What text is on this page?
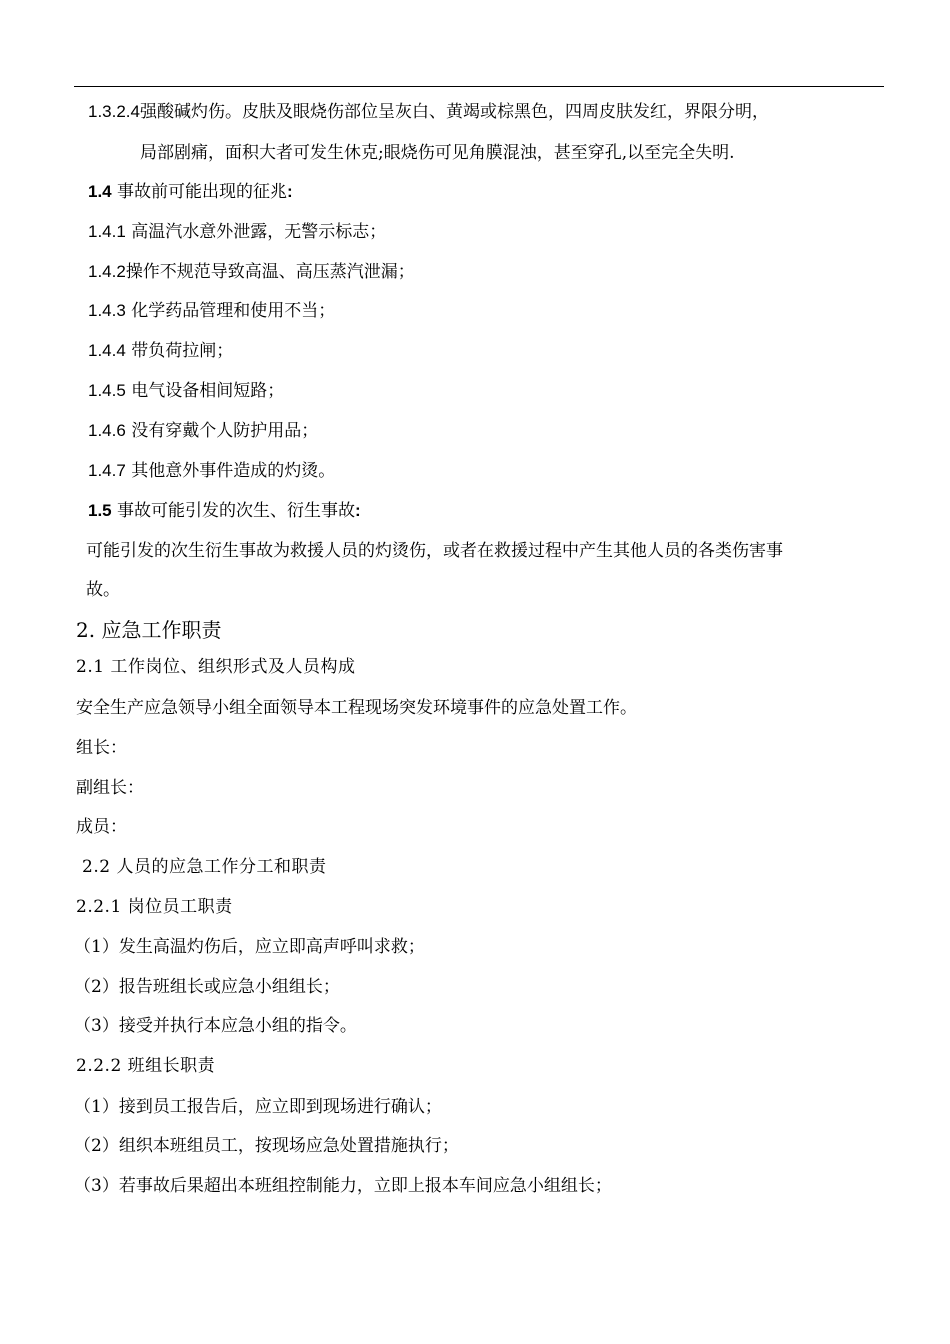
1.3.2.4强酸碱灼伤。皮肤及眼烧伤部位呈灰白、黄竭或棕黑色，四周皮肤发红，界限分明，
局部剧痛，面积大者可发生休克;眼烧伤可见角膜混浊，甚至穿孔,以至完全失明.
1.4 事故前可能出现的征兆:
1.4.1 高温汽水意外泄露，无警示标志；
1.4.2操作不规范导致高温、高压蒸汽泄漏；
1.4.3 化学药品管理和使用不当；
1.4.4 带负荷拉闸；
1.4.5 电气设备相间短路；
1.4.6 没有穿戴个人防护用品；
1.4.7 其他意外事件造成的灼烫。
1.5 事故可能引发的次生、衍生事故:
可能引发的次生衍生事故为救援人员的灼烫伤，或者在救援过程中产生其他人员的各类伤害事
故。
2. 应急工作职责
2.1 工作岗位、组织形式及人员构成
安全生产应急领导小组全面领导本工程现场突发环境事件的应急处置工作。
组长：
副组长：
成员：
2.2 人员的应急工作分工和职责
2.2.1 岗位员工职责
（1）发生高温灼伤后，应立即高声呼叫求救；
（2）报告班组长或应急小组组长；
（3）接受并执行本应急小组的指令。
2.2.2 班组长职责
（1）接到员工报告后，应立即到现场进行确认；
（2）组织本班组员工，按现场应急处置措施执行；
（3）若事故后果超出本班组控制能力，立即上报本车间应急小组组长；
